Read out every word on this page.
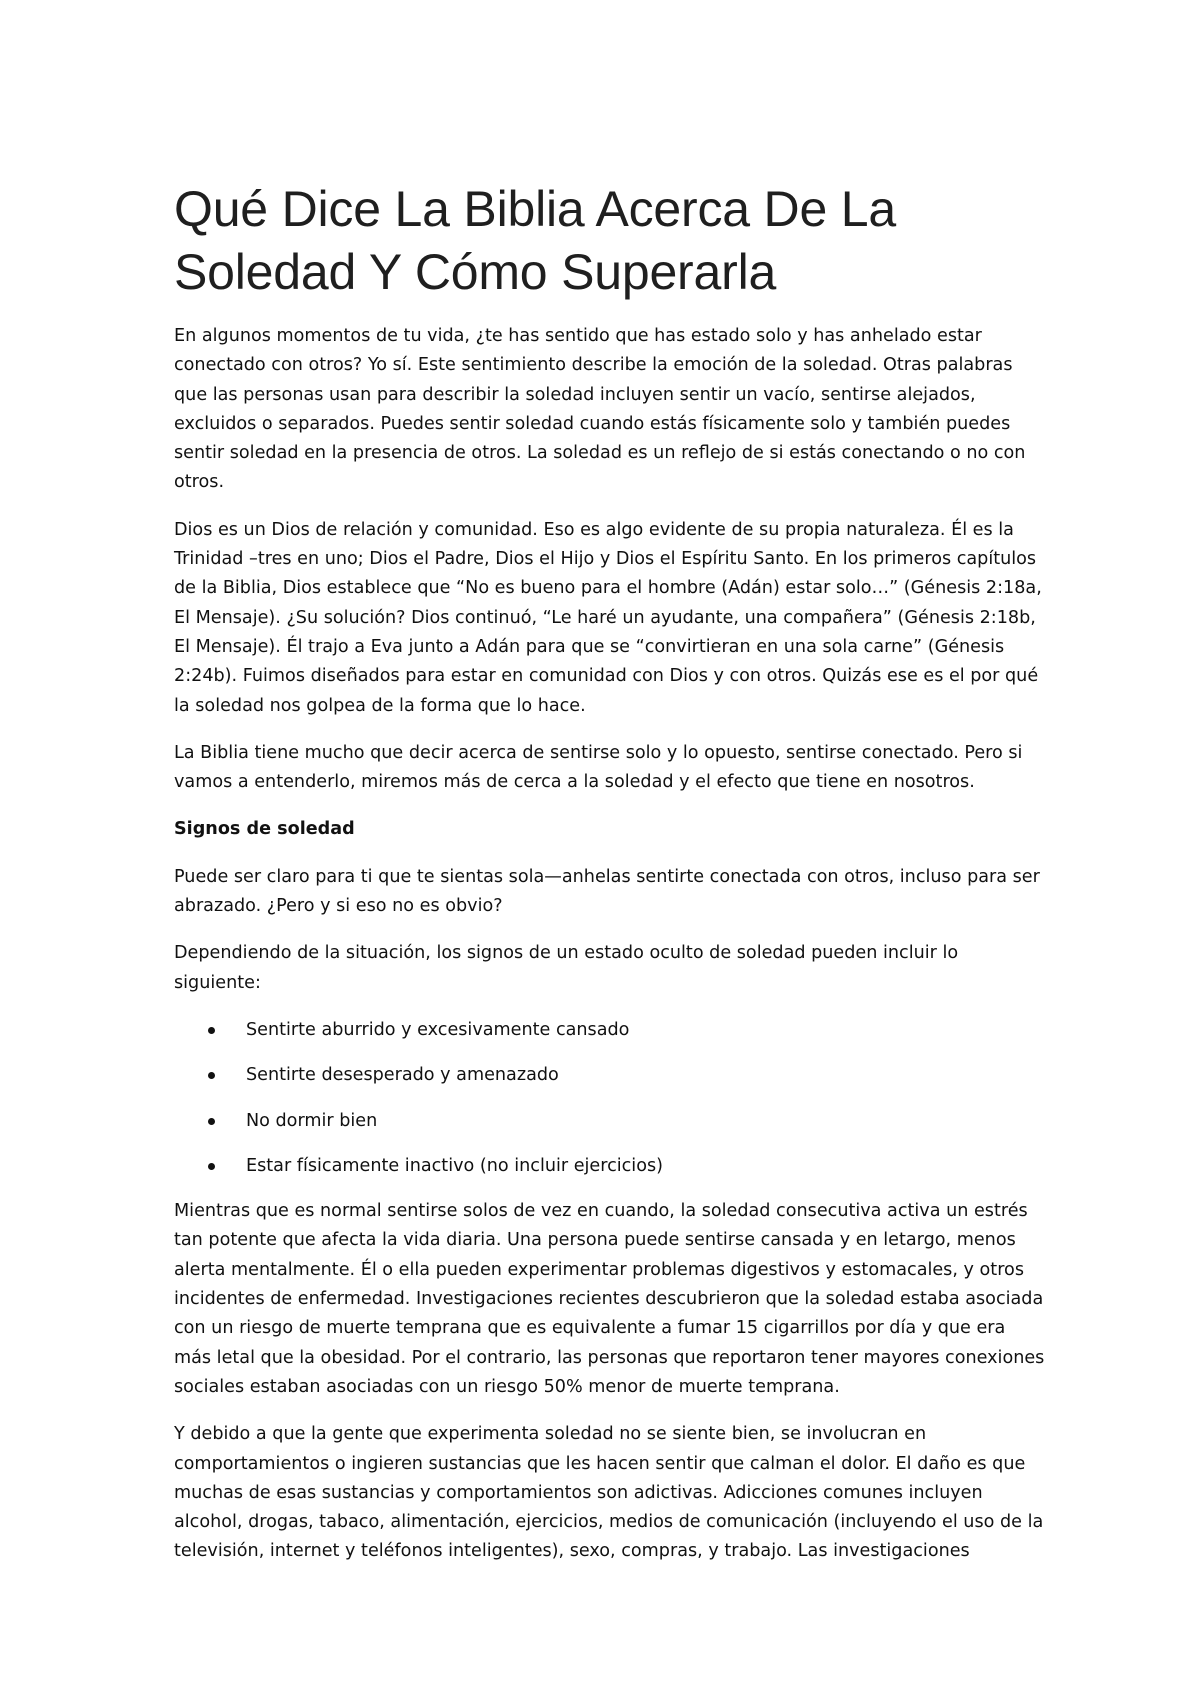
Qué Dice La Biblia Acerca De La Soledad Y Cómo Superarla

En algunos momentos de tu vida, ¿te has sentido que has estado solo y has anhelado estar conectado con otros? Yo sí. Este sentimiento describe la emoción de la soledad. Otras palabras que las personas usan para describir la soledad incluyen sentir un vacío, sentirse alejados, excluidos o separados. Puedes sentir soledad cuando estás físicamente solo y también puedes sentir soledad en la presencia de otros. La soledad es un reflejo de si estás conectando o no con otros.

Dios es un Dios de relación y comunidad. Eso es algo evidente de su propia naturaleza. Él es la Trinidad –tres en uno; Dios el Padre, Dios el Hijo y Dios el Espíritu Santo. En los primeros capítulos de la Biblia, Dios establece que “No es bueno para el hombre (Adán) estar solo…” (Génesis 2:18a, El Mensaje). ¿Su solución? Dios continuó, “Le haré un ayudante, una compañera” (Génesis 2:18b, El Mensaje). Él trajo a Eva junto a Adán para que se “convirtieran en una sola carne” (Génesis 2:24b). Fuimos diseñados para estar en comunidad con Dios y con otros. Quizás ese es el por qué la soledad nos golpea de la forma que lo hace.

La Biblia tiene mucho que decir acerca de sentirse solo y lo opuesto, sentirse conectado. Pero si vamos a entenderlo, miremos más de cerca a la soledad y el efecto que tiene en nosotros.

Signos de soledad

Puede ser claro para ti que te sientas sola—anhelas sentirte conectada con otros, incluso para ser abrazado. ¿Pero y si eso no es obvio?

Dependiendo de la situación, los signos de un estado oculto de soledad pueden incluir lo siguiente:

Sentirte aburrido y excesivamente cansado
Sentirte desesperado y amenazado
No dormir bien
Estar físicamente inactivo (no incluir ejercicios)

Mientras que es normal sentirse solos de vez en cuando, la soledad consecutiva activa un estrés tan potente que afecta la vida diaria. Una persona puede sentirse cansada y en letargo, menos alerta mentalmente. Él o ella pueden experimentar problemas digestivos y estomacales, y otros incidentes de enfermedad. Investigaciones recientes descubrieron que la soledad estaba asociada con un riesgo de muerte temprana que es equivalente a fumar 15 cigarrillos por día y que era más letal que la obesidad. Por el contrario, las personas que reportaron tener mayores conexiones sociales estaban asociadas con un riesgo 50% menor de muerte temprana.

Y debido a que la gente que experimenta soledad no se siente bien, se involucran en comportamientos o ingieren sustancias que les hacen sentir que calman el dolor. El daño es que muchas de esas sustancias y comportamientos son adictivas. Adicciones comunes incluyen alcohol, drogas, tabaco, alimentación, ejercicios, medios de comunicación (incluyendo el uso de la televisión, internet y teléfonos inteligentes), sexo, compras, y trabajo. Las investigaciones
